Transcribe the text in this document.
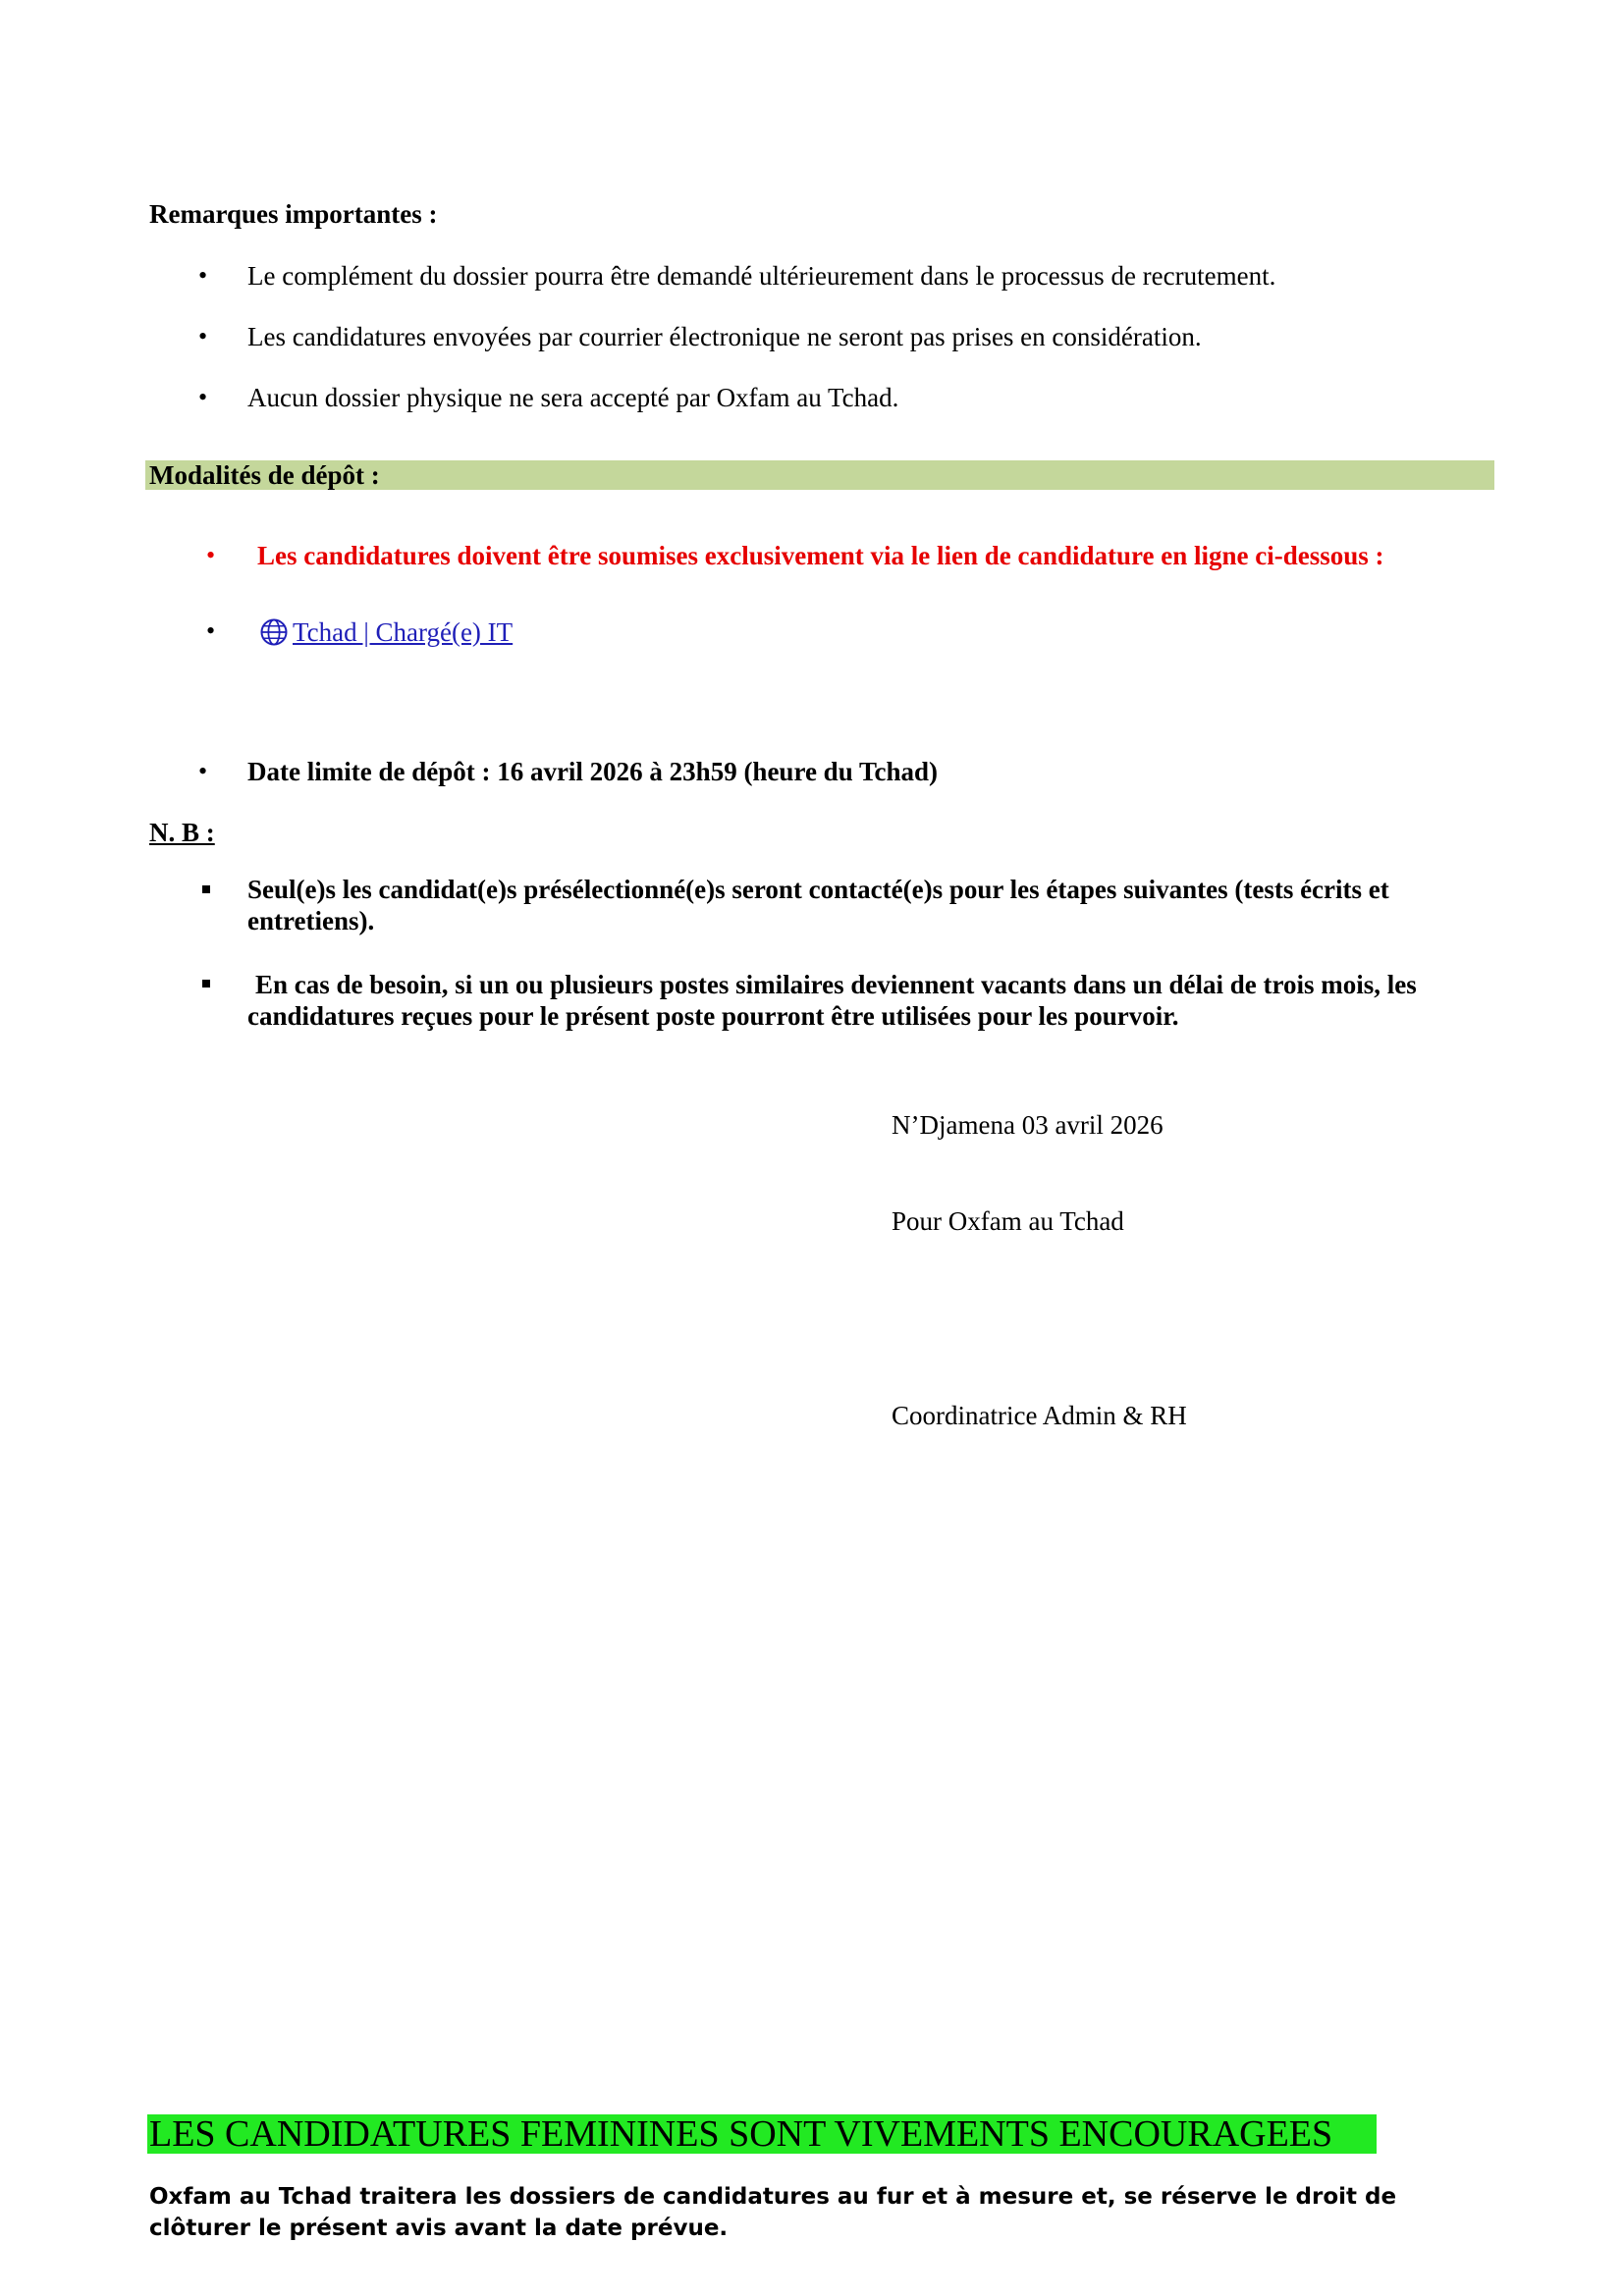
Remarques importantes :

• Le complément du dossier pourra être demandé ultérieurement dans le processus de recrutement.

• Les candidatures envoyées par courrier électronique ne seront pas prises en considération.

• Aucun dossier physique ne sera accepté par Oxfam au Tchad.

Modalités de dépôt :
• Les candidatures doivent être soumises exclusivement via le lien de candidature en ligne ci-dessous :

•	Tchad | Chargé(e) IT
• Date limite de dépôt : 16 avril 2026 à 23h59 (heure du Tchad)

N. B :

Seul(e)s les candidat(e)s présélectionné(e)s seront contacté(e)s pour les étapes suivantes (tests écrits et entretiens).

En cas de besoin, si un ou plusieurs postes similaires deviennent vacants dans un délai de trois mois, les candidatures reçues pour le présent poste pourront être utilisées pour les pourvoir.

N’Djamena 03 avril 2026

Pour Oxfam au Tchad

Coordinatrice Admin & RH

LES CANDIDATURES FEMININES SONT VIVEMENTS ENCOURAGEES

Oxfam au Tchad traitera les dossiers de candidatures au fur et à mesure et, se réserve le droit de clôturer le présent avis avant la date prévue.
